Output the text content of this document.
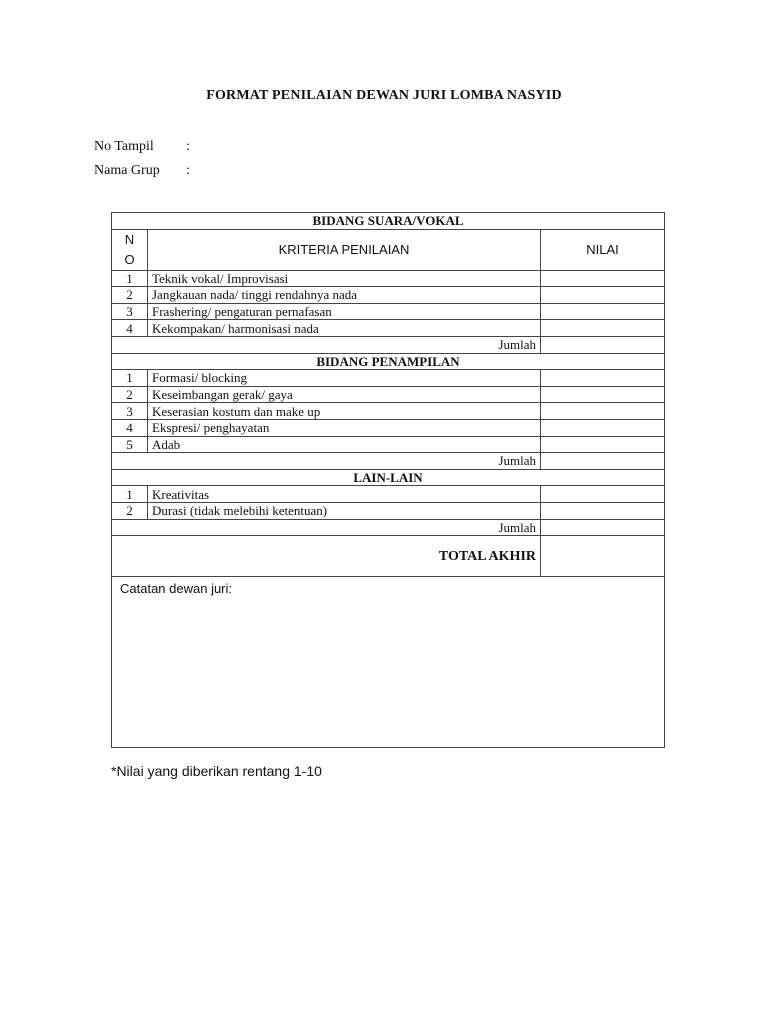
FORMAT PENILAIAN DEWAN JURI LOMBA NASYID
No Tampil :
Nama Grup :
BIDANG SUARA/VOKAL		
N
O	KRITERIA PENILAIAN	NILAI
1	Teknik vokal/ Improvisasi	
2	Jangkauan nada/ tinggi rendahnya nada	
3	Frashering/ pengaturan pernafasan	
4	Kekompakan/ harmonisasi nada	
Jumlah		
BIDANG PENAMPILAN		
1	Formasi/ blocking	
2	Keseimbangan gerak/ gaya	
3	Keserasian kostum dan make up	
4	Ekspresi/ penghayatan	
5	Adab	
Jumlah		
LAIN-LAIN		
1	Kreativitas	
2	Durasi (tidak melebihi ketentuan)	
Jumlah		
TOTAL AKHIR		
Catatan dewan juri:		
*Nilai yang diberikan rentang 1-10
